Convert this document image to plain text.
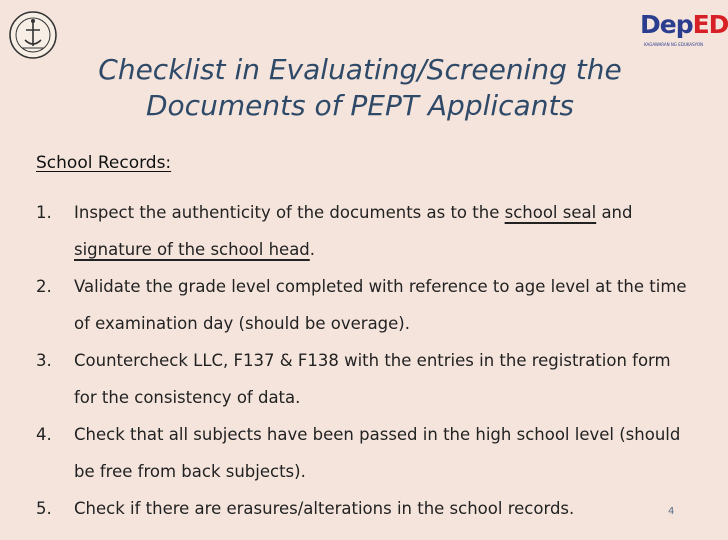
DepED
KAGAWARAN NG EDUKASYON
Checklist in Evaluating/Screening the
Documents of PEPT Applicants
School Records:
1. Inspect the authenticity of the documents as to the school seal and signature of the school head.
2. Validate the grade level completed with reference to age level at the time of examination day (should be overage).
3. Countercheck LLC, F137 & F138 with the entries in the registration form for the consistency of data.
4. Check that all subjects have been passed in the high school level (should be free from back subjects).
5. Check if there are erasures/alterations in the school records.	4
